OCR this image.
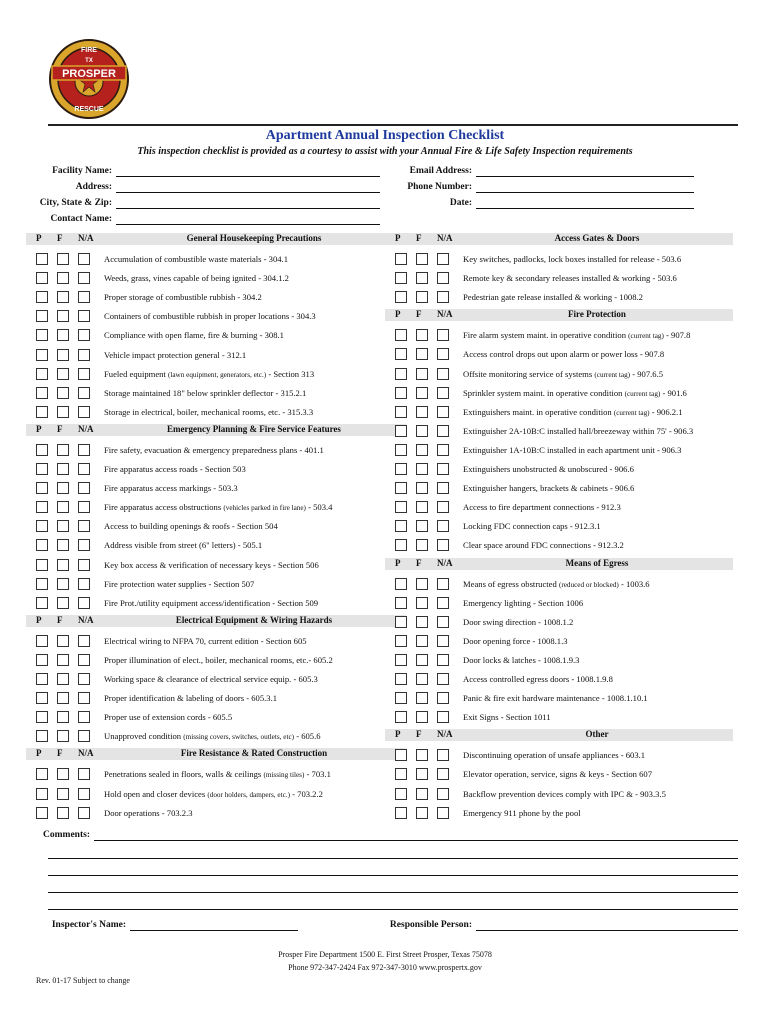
PROSPER
FIRE
TX
RESCUE
Apartment Annual Inspection Checklist
This inspection checklist is provided as a courtesy to assist with your Annual Fire & Life Safety Inspection requirements
Facility Name:
Address:
City, State & Zip:
Contact Name:
Email Address:
Phone Number:
Date:
P F N/A	General Housekeeping Precautions
Accumulation of combustible waste materials - 304.1
Weeds, grass, vines capable of being ignited - 304.1.2
Proper storage of combustible rubbish - 304.2
Containers of combustible rubbish in proper locations - 304.3
Compliance with open flame, fire & burning - 308.1
Vehicle impact protection general - 312.1
Fueled equipment (lawn equipment, generators, etc.) - Section 313
Storage maintained 18" below sprinkler deflector - 315.2.1
Storage in electrical, boiler, mechanical rooms, etc. - 315.3.3
P F N/A	Emergency Planning & Fire Service Features
Fire safety, evacuation & emergency preparedness plans - 401.1
Fire apparatus access roads - Section 503
Fire apparatus access markings - 503.3
Fire apparatus access obstructions (vehicles parked in fire lane) - 503.4
Access to building openings & roofs - Section 504
Address visible from street (6" letters) - 505.1
Key box access & verification of necessary keys - Section 506
Fire protection water supplies - Section 507
Fire Prot./utility equipment access/identification - Section 509
P F N/A	Electrical Equipment & Wiring Hazards
Electrical wiring to NFPA 70, current edition - Section 605
Proper illumination of elect., boiler, mechanical rooms, etc.- 605.2
Working space & clearance of electrical service equip. - 605.3
Proper identification & labeling of doors - 605.3.1
Proper use of extension cords - 605.5
Unapproved condition (missing covers, switches, outlets, etc) - 605.6
P F N/A	Fire Resistance & Rated Construction
Penetrations sealed in floors, walls & ceilings (missing tiles) - 703.1
Hold open and closer devices (door holders, dampers, etc.) - 703.2.2
Door operations - 703.2.3
P F N/A	Access Gates & Doors
Key switches, padlocks, lock boxes installed for release - 503.6
Remote key & secondary releases installed & working - 503.6
Pedestrian gate release installed & working - 1008.2
P F N/A	Fire Protection
Fire alarm system maint. in operative condition (current tag) - 907.8
Access control drops out upon alarm or power loss - 907.8
Offsite monitoring service of systems (current tag) - 907.6.5
Sprinkler system maint. in operative condition (current tag) - 901.6
Extinguishers maint. in operative condition (current tag) - 906.2.1
Extinguisher 2A-10B:C installed hall/breezeway within 75' - 906.3
Extinguisher 1A-10B:C installed in each apartment unit - 906.3
Extinguishers unobstructed & unobscured - 906.6
Extinguisher hangers, brackets & cabinets - 906.6
Access to fire department connections - 912.3
Locking FDC connection caps - 912.3.1
Clear space around FDC connections - 912.3.2
P F N/A	Means of Egress
Means of egress obstructed (reduced or blocked) - 1003.6
Emergency lighting - Section 1006
Door swing direction - 1008.1.2
Door opening force - 1008.1.3
Door locks & latches - 1008.1.9.3
Access controlled egress doors - 1008.1.9.8
Panic & fire exit hardware maintenance - 1008.1.10.1
Exit Signs - Section 1011
P F N/A	Other
Discontinuing operation of unsafe appliances - 603.1
Elevator operation, service, signs & keys - Section 607
Backflow prevention devices comply with IPC & - 903.3.5
Emergency 911 phone by the pool
Comments:
Inspector's Name:	Responsible Person:
Prosper Fire Department 1500 E. First Street Prosper, Texas 75078
Phone 972-347-2424 Fax 972-347-3010 www.prospertx.gov
Rev. 01-17 Subject to change
